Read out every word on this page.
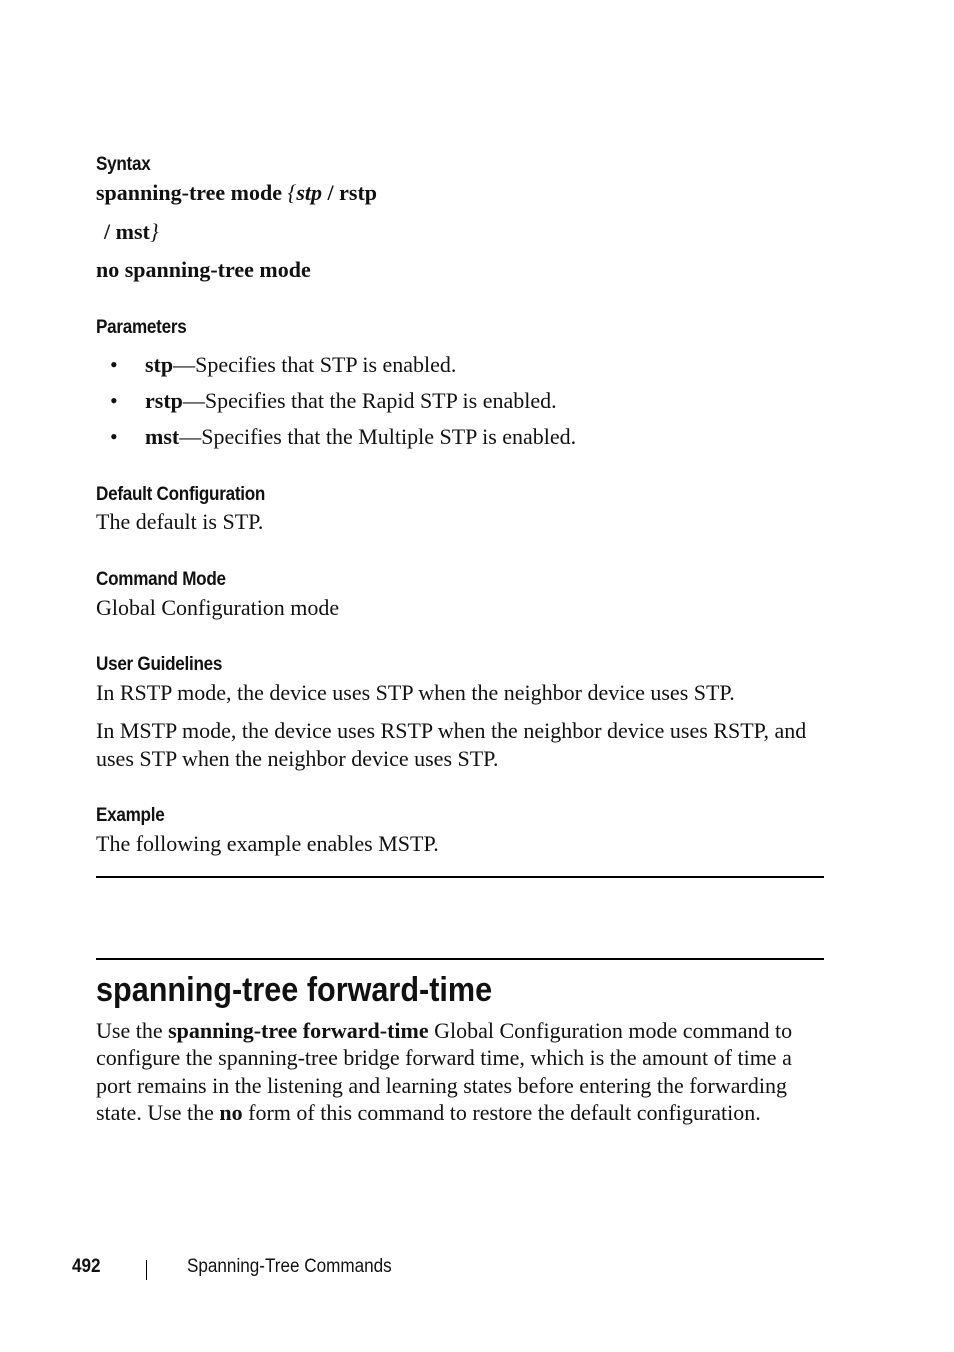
Syntax
spanning-tree mode {stp / rstp
/ mst}
no spanning-tree mode
Parameters
• stp—Specifies that STP is enabled.
• rstp—Specifies that the Rapid STP is enabled.
• mst—Specifies that the Multiple STP is enabled.
Default Configuration
The default is STP.
Command Mode
Global Configuration mode
User Guidelines
In RSTP mode, the device uses STP when the neighbor device uses STP.
In MSTP mode, the device uses RSTP when the neighbor device uses RSTP, and uses STP when the neighbor device uses STP.
Example
The following example enables MSTP.
spanning-tree forward-time
Use the spanning-tree forward-time Global Configuration mode command to configure the spanning-tree bridge forward time, which is the amount of time a port remains in the listening and learning states before entering the forwarding state. Use the no form of this command to restore the default configuration.
492	Spanning-Tree Commands
